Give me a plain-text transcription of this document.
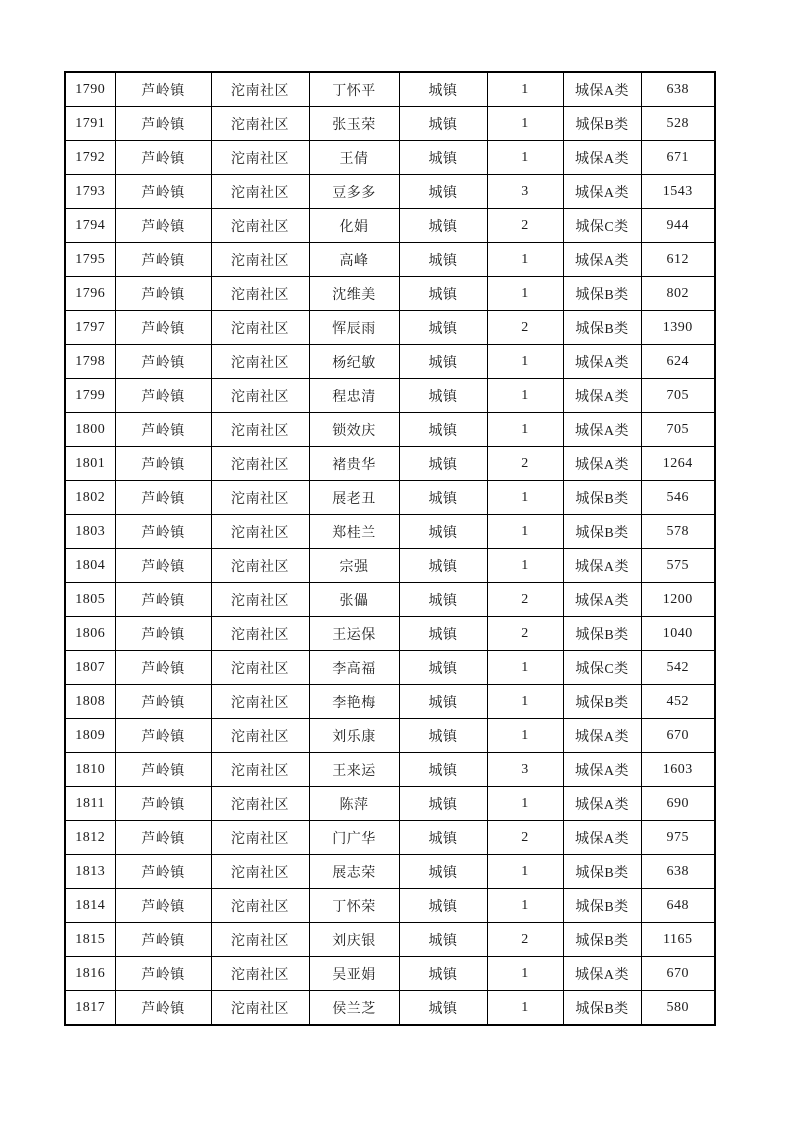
1790	芦岭镇	沱南社区	丁怀平	城镇	1	城保A类	638
1791	芦岭镇	沱南社区	张玉荣	城镇	1	城保B类	528
1792	芦岭镇	沱南社区	王倩	城镇	1	城保A类	671
1793	芦岭镇	沱南社区	豆多多	城镇	3	城保A类	1543
1794	芦岭镇	沱南社区	化娟	城镇	2	城保C类	944
1795	芦岭镇	沱南社区	高峰	城镇	1	城保A类	612
1796	芦岭镇	沱南社区	沈维美	城镇	1	城保B类	802
1797	芦岭镇	沱南社区	恽辰雨	城镇	2	城保B类	1390
1798	芦岭镇	沱南社区	杨纪敏	城镇	1	城保A类	624
1799	芦岭镇	沱南社区	程忠清	城镇	1	城保A类	705
1800	芦岭镇	沱南社区	锁效庆	城镇	1	城保A类	705
1801	芦岭镇	沱南社区	褚贵华	城镇	2	城保A类	1264
1802	芦岭镇	沱南社区	展老丑	城镇	1	城保B类	546
1803	芦岭镇	沱南社区	郑桂兰	城镇	1	城保B类	578
1804	芦岭镇	沱南社区	宗强	城镇	1	城保A类	575
1805	芦岭镇	沱南社区	张儡	城镇	2	城保A类	1200
1806	芦岭镇	沱南社区	王运保	城镇	2	城保B类	1040
1807	芦岭镇	沱南社区	李高福	城镇	1	城保C类	542
1808	芦岭镇	沱南社区	李艳梅	城镇	1	城保B类	452
1809	芦岭镇	沱南社区	刘乐康	城镇	1	城保A类	670
1810	芦岭镇	沱南社区	王来运	城镇	3	城保A类	1603
1811	芦岭镇	沱南社区	陈萍	城镇	1	城保A类	690
1812	芦岭镇	沱南社区	门广华	城镇	2	城保A类	975
1813	芦岭镇	沱南社区	展志荣	城镇	1	城保B类	638
1814	芦岭镇	沱南社区	丁怀荣	城镇	1	城保B类	648
1815	芦岭镇	沱南社区	刘庆银	城镇	2	城保B类	1165
1816	芦岭镇	沱南社区	吴亚娟	城镇	1	城保A类	670
1817	芦岭镇	沱南社区	侯兰芝	城镇	1	城保B类	580
